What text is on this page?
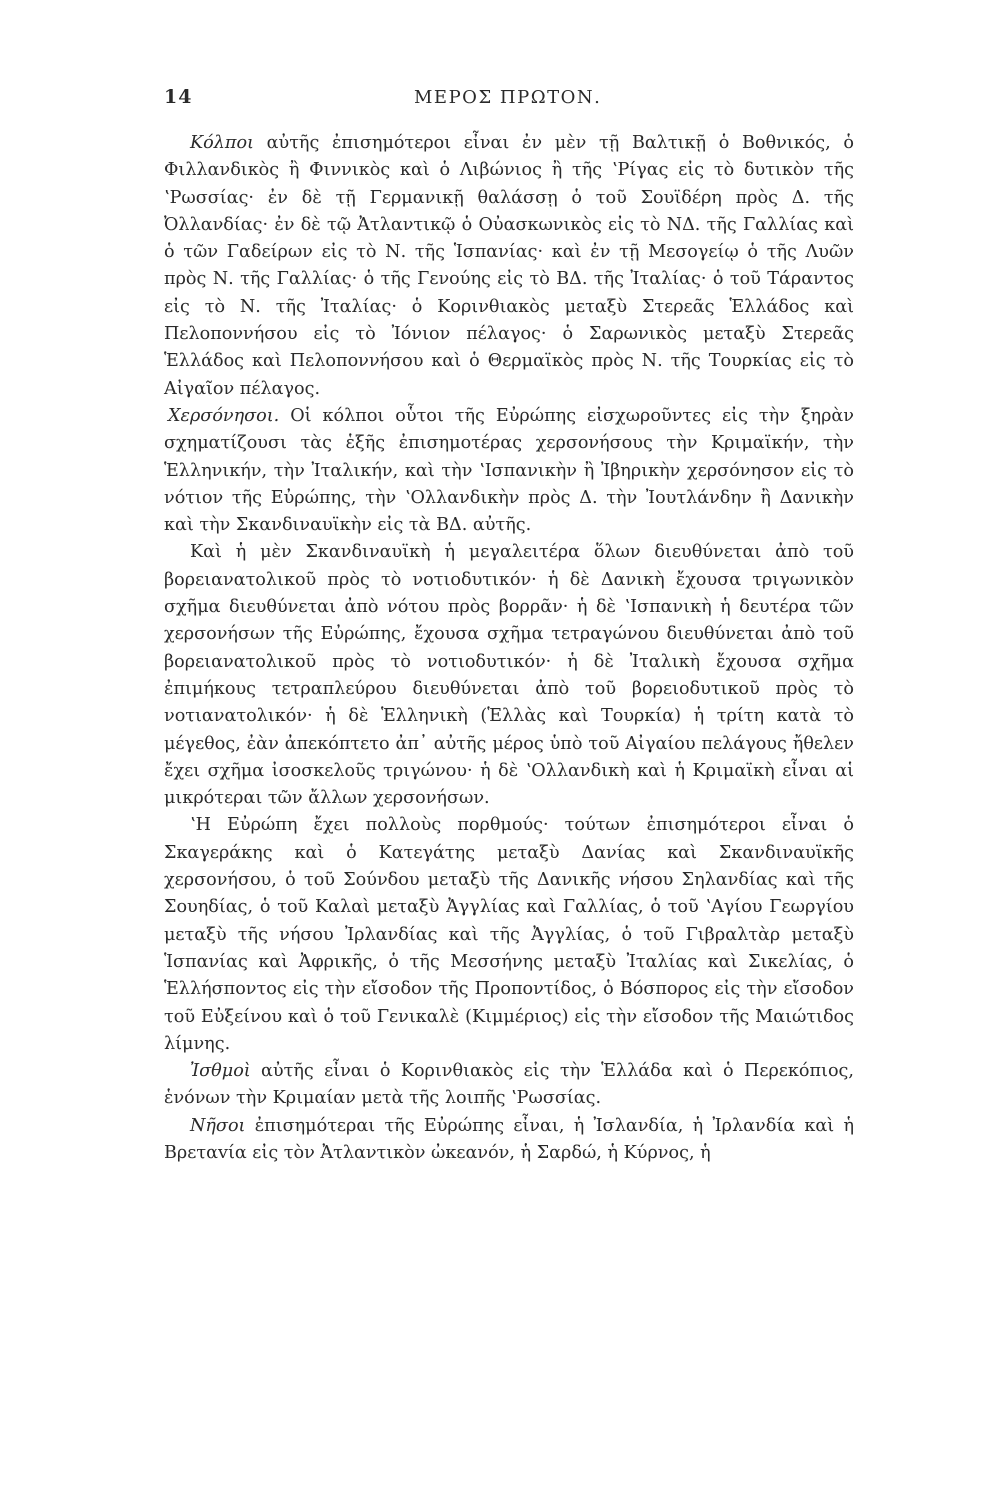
14	ΜΕΡΟΣ ΠΡΩΤΟΝ.

Κόλποι αὐτῆς ἐπισημότεροι εἶναι ἐν μὲν τῇ Βαλτικῇ ὁ Βοθνικός, ὁ Φιλλανδικὸς ἢ Φιννικὸς καὶ ὁ Λιβώνιος ἢ τῆς ʽΡίγας εἰς τὸ δυτικὸν τῆς ʽΡωσσίας· ἐν δὲ τῇ Γερμανικῇ θαλάσσῃ ὁ τοῦ Σουϊδέρη πρὸς Δ. τῆς Ὀλλανδίας· ἐν δὲ τῷ Ἀτλαντικῷ ὁ Οὐασκωνικὸς εἰς τὸ ΝΔ. τῆς Γαλλίας καὶ ὁ τῶν Γαδείρων εἰς τὸ Ν. τῆς Ἱσπανίας· καὶ ἐν τῇ Μεσογείῳ ὁ τῆς Λυῶν πρὸς Ν. τῆς Γαλλίας· ὁ τῆς Γενούης εἰς τὸ ΒΔ. τῆς Ἰταλίας· ὁ τοῦ Τάραντος εἰς τὸ Ν. τῆς Ἰταλίας· ὁ Κορινθιακὸς μεταξὺ Στερεᾶς Ἑλλάδος καὶ Πελοποννήσου εἰς τὸ Ἰόνιον πέλαγος· ὁ Σαρωνικὸς μεταξὺ Στερεᾶς Ἑλλάδος καὶ Πελοποννήσου καὶ ὁ Θερμαϊκὸς πρὸς Ν. τῆς Τουρκίας εἰς τὸ Αἰγαῖον πέλαγος.

Χερσόνησοι. Οἱ κόλποι οὗτοι τῆς Εὐρώπης εἰσχωροῦντες εἰς τὴν ξηρὰν σχηματίζουσι τὰς ἑξῆς ἐπισημοτέρας χερσονήσους τὴν Κριμαϊκήν, τὴν Ἑλληνικήν, τὴν Ἰταλικήν, καὶ τὴν ʽΙσπανικὴν ἢ Ἰβηρικὴν χερσόνησον εἰς τὸ νότιον τῆς Εὐρώπης, τὴν ʽΟλλανδικὴν πρὸς Δ. τὴν Ἰουτλάνδην ἢ Δανικὴν καὶ τὴν Σκανδιναυϊκὴν εἰς τὰ ΒΔ. αὐτῆς.

Καὶ ἡ μὲν Σκανδιναυϊκὴ ἡ μεγαλειτέρα ὅλων διευθύνεται ἀπὸ τοῦ βορειανατολικοῦ πρὸς τὸ νοτιοδυτικόν· ἡ δὲ Δανικὴ ἔχουσα τριγωνικὸν σχῆμα διευθύνεται ἀπὸ νότου πρὸς βορρᾶν· ἡ δὲ ʽΙσπανικὴ ἡ δευτέρα τῶν χερσονήσων τῆς Εὐρώπης, ἔχουσα σχῆμα τετραγώνου διευθύνεται ἀπὸ τοῦ βορειανατολικοῦ πρὸς τὸ νοτιοδυτικόν· ἡ δὲ Ἰταλικὴ ἔχουσα σχῆμα ἐπιμήκους τετραπλεύρου διευθύνεται ἀπὸ τοῦ βορειοδυτικοῦ πρὸς τὸ νοτιανατολικόν· ἡ δὲ Ἑλληνικὴ (Ἑλλὰς καὶ Τουρκία) ἡ τρίτη κατὰ τὸ μέγεθος, ἐὰν ἀπεκόπτετο ἀπ᾽ αὐτῆς μέρος ὑπὸ τοῦ Αἰγαίου πελάγους ἤθελεν ἔχει σχῆμα ἰσοσκελοῦς τριγώνου· ἡ δὲ ʽΟλλανδικὴ καὶ ἡ Κριμαϊκὴ εἶναι αἱ μικρότεραι τῶν ἄλλων χερσονήσων.

ʽΗ Εὐρώπη ἔχει πολλοὺς πορθμούς· τούτων ἐπισημότεροι εἶναι ὁ Σκαγεράκης καὶ ὁ Κατεγάτης μεταξὺ Δανίας καὶ Σκανδιναυϊκῆς χερσονήσου, ὁ τοῦ Σούνδου μεταξὺ τῆς Δανικῆς νήσου Σηλανδίας καὶ τῆς Σουηδίας, ὁ τοῦ Καλαὶ μεταξὺ Ἀγγλίας καὶ Γαλλίας, ὁ τοῦ ʽΑγίου Γεωργίου μεταξὺ τῆς νήσου Ἰρλανδίας καὶ τῆς Ἀγγλίας, ὁ τοῦ Γιβραλτὰρ μεταξὺ Ἱσπανίας καὶ Ἀφρικῆς, ὁ τῆς Μεσσήνης μεταξὺ Ἰταλίας καὶ Σικελίας, ὁ Ἑλλήσποντος εἰς τὴν εἴσοδον τῆς Προποντίδος, ὁ Βόσπορος εἰς τὴν εἴσοδον τοῦ Εὐξείνου καὶ ὁ τοῦ Γενικαλὲ (Κιμμέριος) εἰς τὴν εἴσοδον τῆς Μαιώτιδος λίμνης.

Ἰσθμοὶ αὐτῆς εἶναι ὁ Κορινθιακὸς εἰς τὴν Ἑλλάδα καὶ ὁ Περεκόπιος, ἑνόνων τὴν Κριμαίαν μετὰ τῆς λοιπῆς ʽΡωσσίας.

Νῆσοι ἐπισημότεραι τῆς Εὐρώπης εἶναι, ἡ Ἰσλανδία, ἡ Ἰρλανδία καὶ ἡ Βρεταvία εἰς τὸν Ἀτλαντικὸν ὠκεανόν, ἡ Σαρδώ, ἡ Κύρνος, ἡ
